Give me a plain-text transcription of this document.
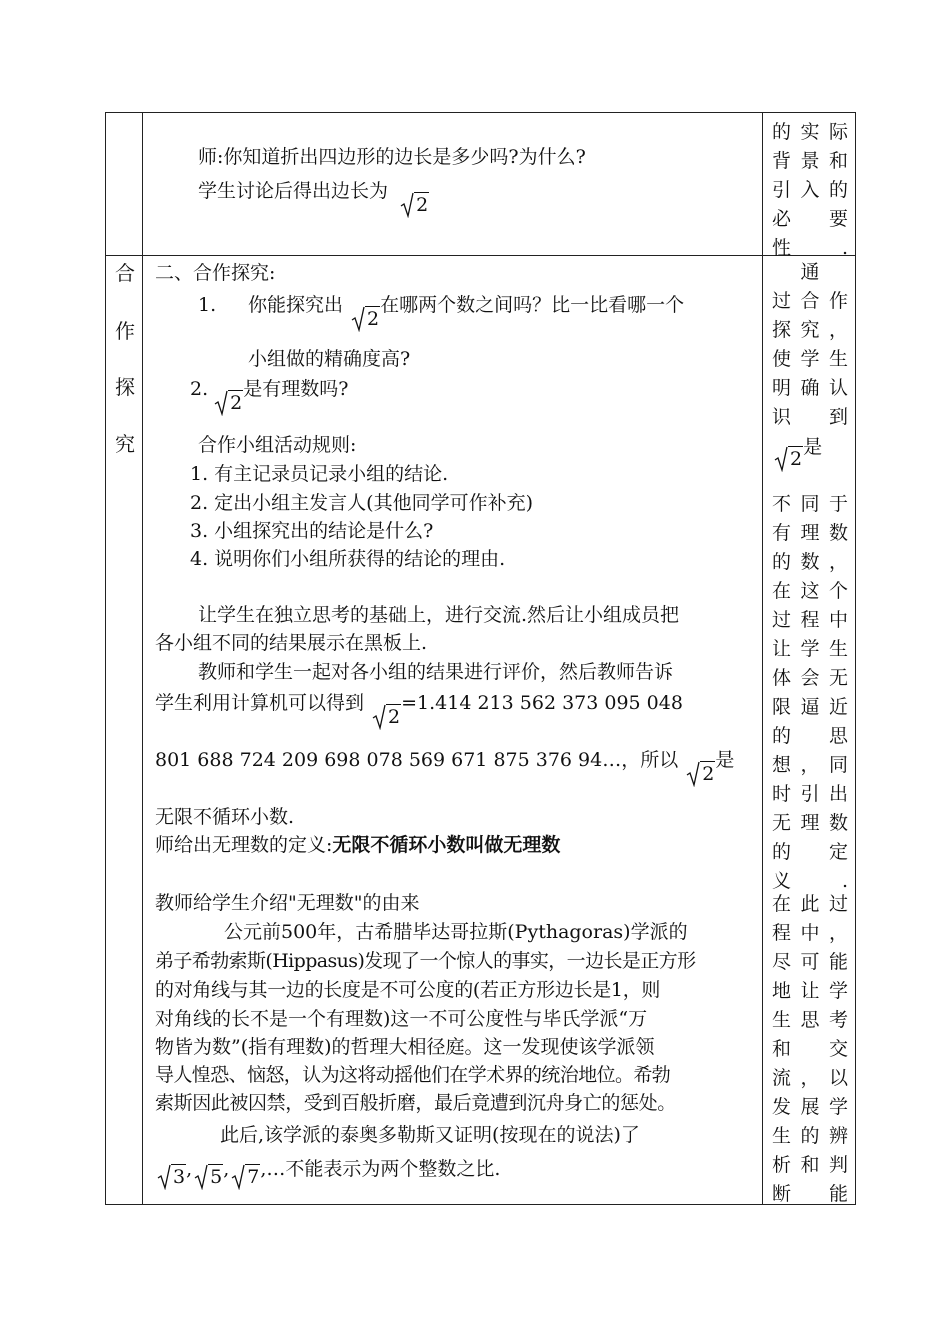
师:你知道折出四边形的边长是多少吗?为什么?
学生讨论后得出边长为
2
的 实 际
背 景 和
引 入 的
必
　 要
性	.
合
作
探
究
二、合作探究:
1. 你能探究出
2在哪两个数之间吗？比一比看哪一个
小组做的精确度高?
2.
2是有理数吗?
合作小组活动规则:
1. 有主记录员记录小组的结论.
2. 定出小组主发言人(其他同学可作补充)
3. 小组探究出的结论是什么?
4. 说明你们小组所获得的结论的理由.
让学生在独立思考的基础上，进行交流.然后让小组成员把
各小组不同的结果展示在黑板上.
教师和学生一起对各小组的结果进行评价，然后教师告诉
学生利用计算机可以得到
2=1.414 213 562 373 095 048
801 688 724 209 698 078 569 671 875 376 94…，所以
2是
无限不循环小数.
师给出无理数的定义:无限不循环小数叫做无理数
教师给学生介绍"无理数"的由来
公元前500年，古希腊毕达哥拉斯(Pythagoras)学派的
弟子希勃索斯(Hippasus)发现了一个惊人的事实，一边长是正方形
的对角线与其一边的长度是不可公度的(若正方形边长是1，则
对角线的长不是一个有理数)这一不可公度性与毕氏学派“万
物皆为数”(指有理数)的哲理大相径庭。这一发现使该学派领
导人惶恐、恼怒，认为这将动摇他们在学术界的统治地位。希勃
索斯因此被囚禁，受到百般折磨，最后竟遭到沉舟身亡的惩处。
此后,该学派的泰奥多勒斯又证明(按现在的说法)了
3, 5, 7,…不能表示为两个整数之比.
通
过 合 作
探 究 ，
使 学 生
明 确 认
识
　 到
2是
不 同 于
有 理 数
的 数 ，
在 这 个
过 程 中
让 学 生
体 会 无
限 逼 近
的
　 思
想 ， 同
时 引 出
无 理 数
的
　 定
义	.
在 此 过
程 中 ，
尽 可 能
地 让 学
生 思 考
和
　 交
流 ， 以
发 展 学
生 的 辨
析 和 判
断
　 能
